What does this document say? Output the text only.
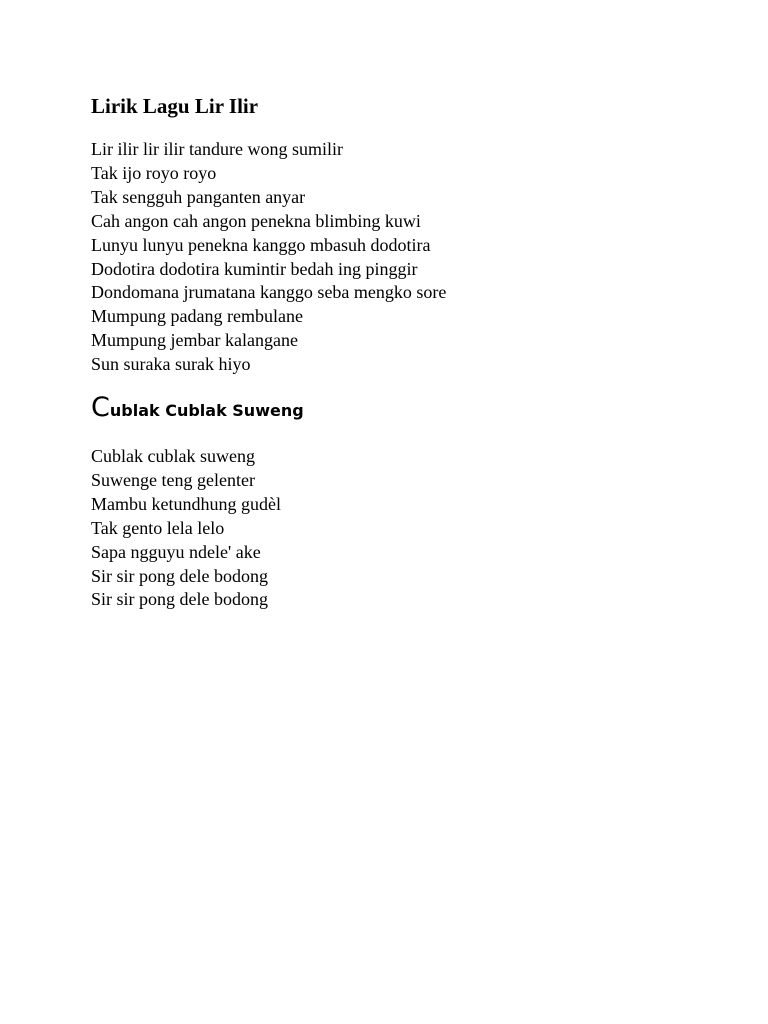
Lirik Lagu Lir Ilir
Lir ilir lir ilir tandure wong sumilir
Tak ijo royo royo
Tak sengguh panganten anyar
Cah angon cah angon penekna blimbing kuwi
Lunyu lunyu penekna kanggo mbasuh dodotira
Dodotira dodotira kumintir bedah ing pinggir
Dondomana jrumatana kanggo seba mengko sore
Mumpung padang rembulane
Mumpung jembar kalangane
Sun suraka surak hiyo
Cublak Cublak Suweng
Cublak cublak suweng
Suwenge teng gelenter
Mambu ketundhung gudèl
Tak gento lela lelo
Sapa ngguyu ndele' ake
Sir sir pong dele bodong
Sir sir pong dele bodong
